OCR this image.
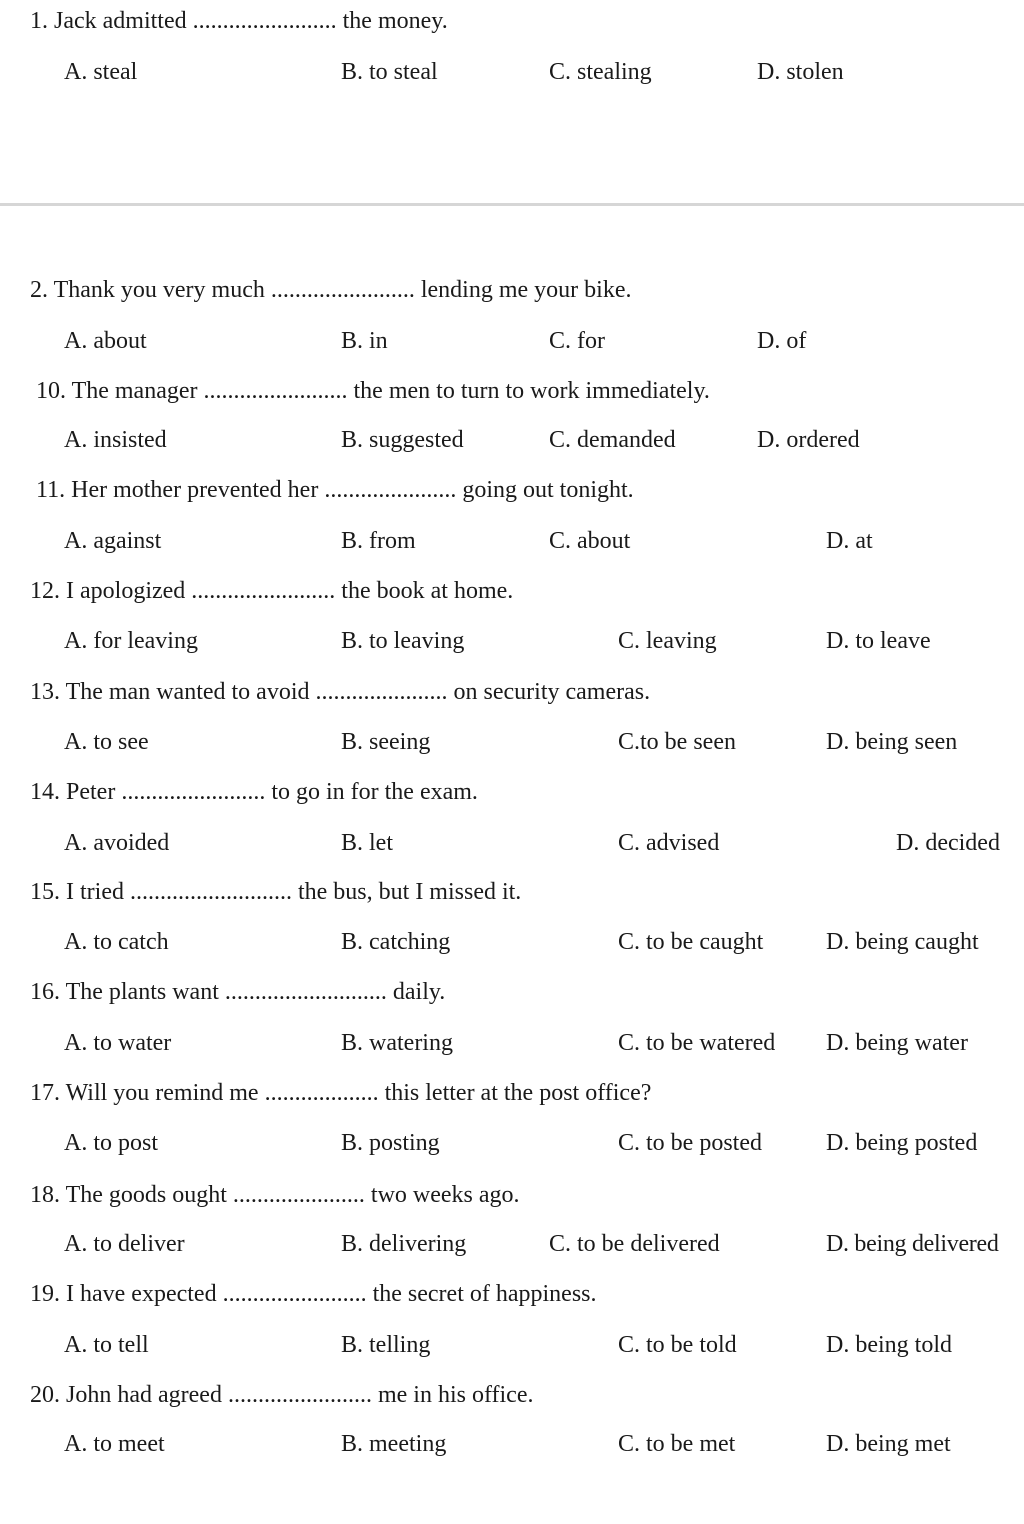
1. Jack admitted ........................ the money.
A. steal	B. to steal	C. stealing	D. stolen
2. Thank you very much ........................ lending me your bike.
A. about	B. in	C. for	D. of
10. The manager ........................ the men to turn to work immediately.
A. insisted	B. suggested	C. demanded	D. ordered
11. Her mother prevented her ...................... going out tonight.
A. against	B. from	C. about	D. at
12. I apologized ........................ the book at home.
A. for leaving	B. to leaving	C. leaving	D. to leave
13. The man wanted to avoid ...................... on security cameras.
A. to see	B. seeing	C.to be seen	D. being seen
14. Peter ........................ to go in for the exam.
A. avoided	B. let	C. advised	D. decided
15. I tried ........................... the bus, but I missed it.
A. to catch	B. catching	C. to be caught	D. being caught
16. The plants want ........................... daily.
A. to water	B. watering	C. to be watered D. being water
17. Will you remind me ................... this letter at the post office?
A. to post	B. posting	C. to be posted	D. being posted
18. The goods ought ...................... two weeks ago.
A. to deliver	B. delivering	C. to be delivered	D. being delivered
19. I have expected ........................ the secret of happiness.
A. to tell	B. telling	C. to be told	D. being told
20. John had agreed ........................ me in his office.
A. to meet	B. meeting	C. to be met	D. being met
